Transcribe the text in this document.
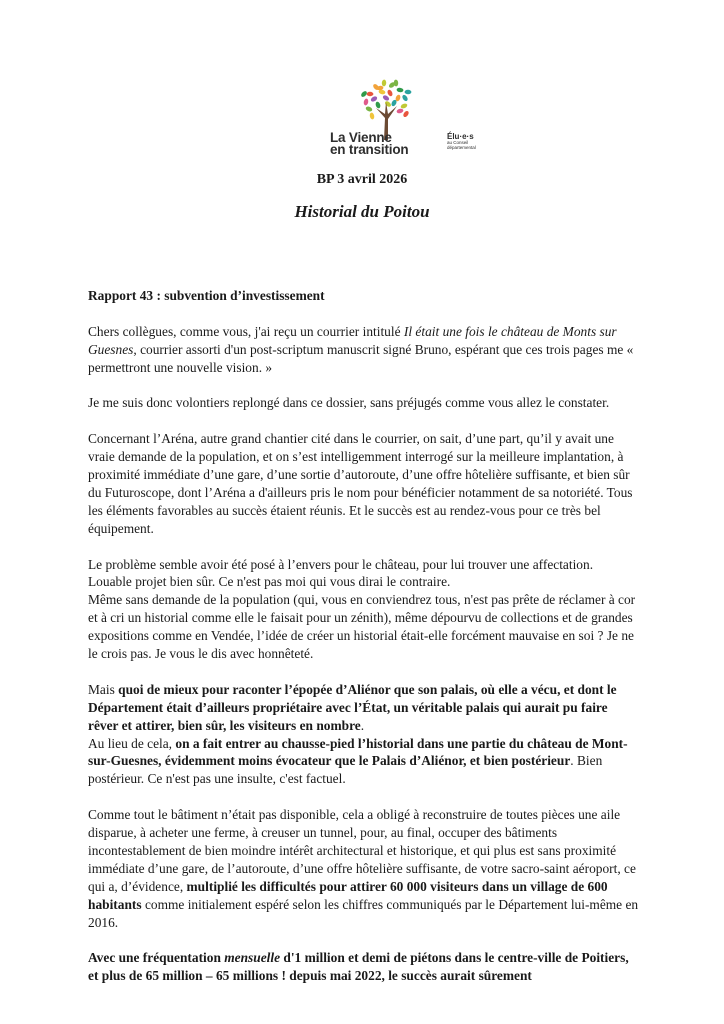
La Vienne
en transition
Élu·e·s
au Conseil
départemental
BP 3 avril 2026
Historial du Poitou

Rapport 43 : subvention d’investissement

Chers collègues, comme vous, j'ai reçu un courrier intitulé Il était une fois le château de Monts sur Guesnes, courrier assorti d'un post-scriptum manuscrit signé Bruno, espérant que ces trois pages me « permettront une nouvelle vision. »

Je me suis donc volontiers replongé dans ce dossier, sans préjugés comme vous allez le constater.

Concernant l’Aréna, autre grand chantier cité dans le courrier, on sait, d’une part, qu’il y avait une vraie demande de la population, et on s’est intelligemment interrogé sur la meilleure implantation, à proximité immédiate d’une gare, d’une sortie d’autoroute, d’une offre hôtelière suffisante, et bien sûr du Futuroscope, dont l’Aréna a d'ailleurs pris le nom pour bénéficier notamment de sa notoriété. Tous les éléments favorables au succès étaient réunis. Et le succès est au rendez-vous pour ce très bel équipement.

Le problème semble avoir été posé à l’envers pour le château, pour lui trouver une affectation.

Louable projet bien sûr. Ce n'est pas moi qui vous dirai le contraire.

Même sans demande de la population (qui, vous en conviendrez tous, n'est pas prête de réclamer à cor et à cri un historial comme elle le faisait pour un zénith), même dépourvu de collections et de grandes expositions comme en Vendée, l’idée de créer un historial était-elle forcément mauvaise en soi ? Je ne le crois pas. Je vous le dis avec honnêteté.

Mais quoi de mieux pour raconter l’épopée d’Aliénor que son palais, où elle a vécu, et dont le Département était d’ailleurs propriétaire avec l’État, un véritable palais qui aurait pu faire rêver et attirer, bien sûr, les visiteurs en nombre.

Au lieu de cela, on a fait entrer au chausse-pied l’historial dans une partie du château de Mont-sur-Guesnes, évidemment moins évocateur que le Palais d’Aliénor, et bien postérieur. Bien postérieur. Ce n'est pas une insulte, c'est factuel.

Comme tout le bâtiment n’était pas disponible, cela a obligé à reconstruire de toutes pièces une aile disparue, à acheter une ferme, à creuser un tunnel, pour, au final, occuper des bâtiments incontestablement de bien moindre intérêt architectural et historique, et qui plus est sans proximité immédiate d’une gare, de l’autoroute, d’une offre hôtelière suffisante, de votre sacro-saint aéroport, ce qui a, d’évidence, multiplié les difficultés pour attirer 60 000 visiteurs dans un village de 600 habitants comme initialement espéré selon les chiffres communiqués par le Département lui-même en 2016.

Avec une fréquentation mensuelle d'1 million et demi de piétons dans le centre-ville de Poitiers, et plus de 65 million – 65 millions ! depuis mai 2022, le succès aurait sûrement
